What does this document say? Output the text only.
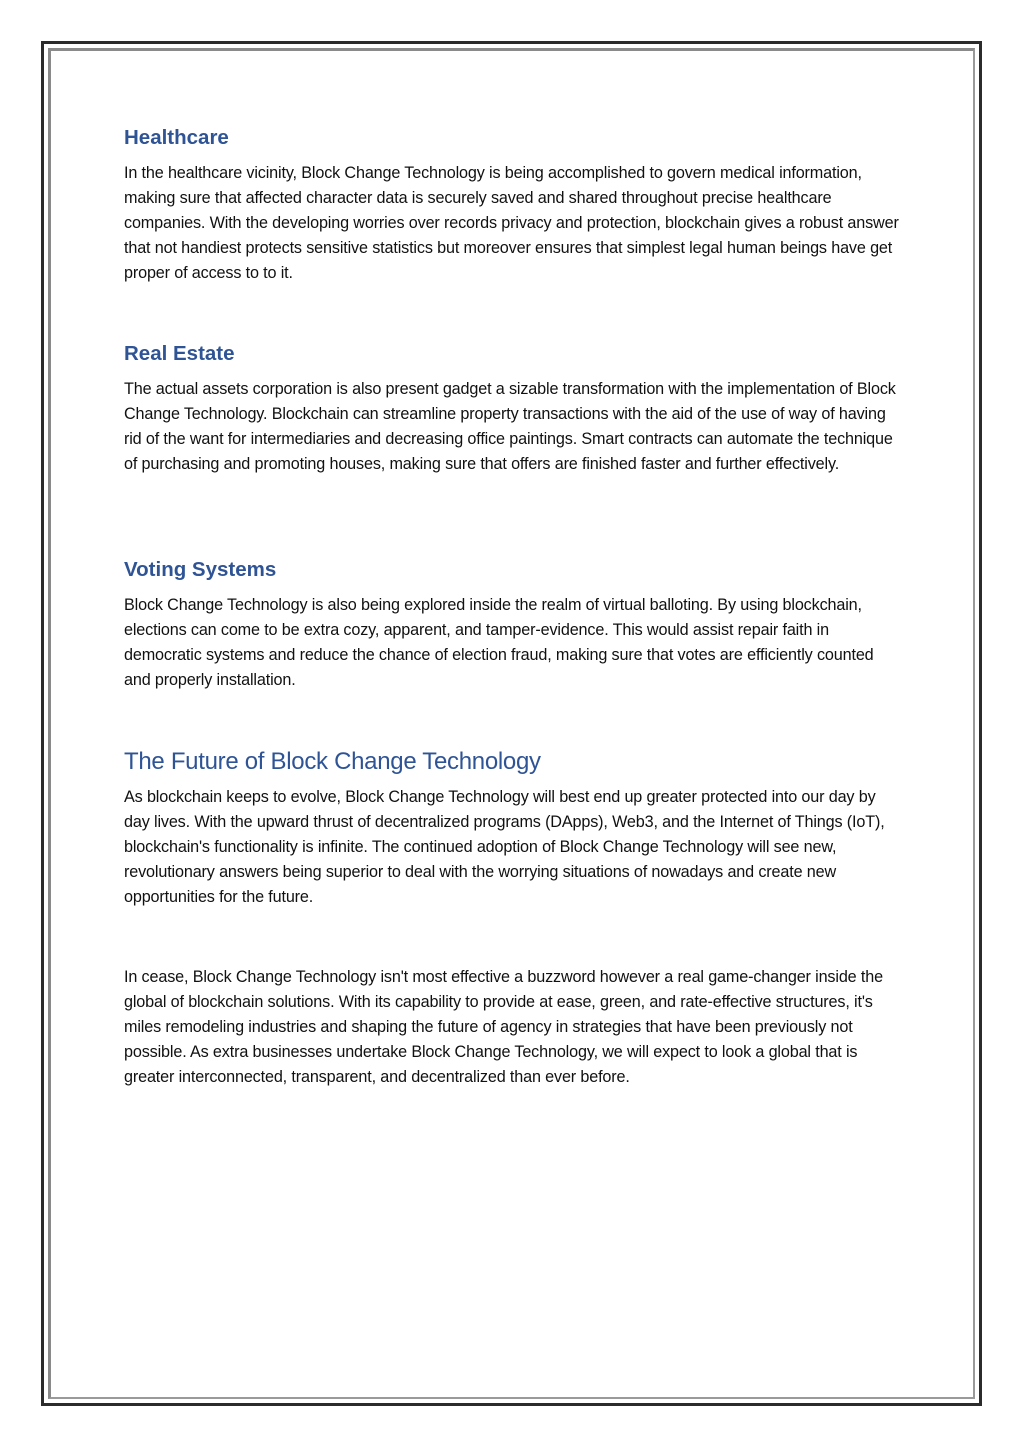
Healthcare

In the healthcare vicinity, Block Change Technology is being accomplished to govern medical information, making sure that affected character data is securely saved and shared throughout precise healthcare companies. With the developing worries over records privacy and protection, blockchain gives a robust answer that not handiest protects sensitive statistics but moreover ensures that simplest legal human beings have get proper of access to to it.

Real Estate

The actual assets corporation is also present gadget a sizable transformation with the implementation of Block Change Technology. Blockchain can streamline property transactions with the aid of the use of way of having rid of the want for intermediaries and decreasing office paintings. Smart contracts can automate the technique of purchasing and promoting houses, making sure that offers are finished faster and further effectively.

Voting Systems

Block Change Technology is also being explored inside the realm of virtual balloting. By using blockchain, elections can come to be extra cozy, apparent, and tamper-evidence. This would assist repair faith in democratic systems and reduce the chance of election fraud, making sure that votes are efficiently counted and properly installation.

The Future of Block Change Technology

As blockchain keeps to evolve, Block Change Technology will best end up greater protected into our day by day lives. With the upward thrust of decentralized programs (DApps), Web3, and the Internet of Things (IoT), blockchain's functionality is infinite. The continued adoption of Block Change Technology will see new, revolutionary answers being superior to deal with the worrying situations of nowadays and create new opportunities for the future.

In cease, Block Change Technology isn't most effective a buzzword however a real game-changer inside the global of blockchain solutions. With its capability to provide at ease, green, and rate-effective structures, it's miles remodeling industries and shaping the future of agency in strategies that have been previously not possible. As extra businesses undertake Block Change Technology, we will expect to look a global that is greater interconnected, transparent, and decentralized than ever before.
